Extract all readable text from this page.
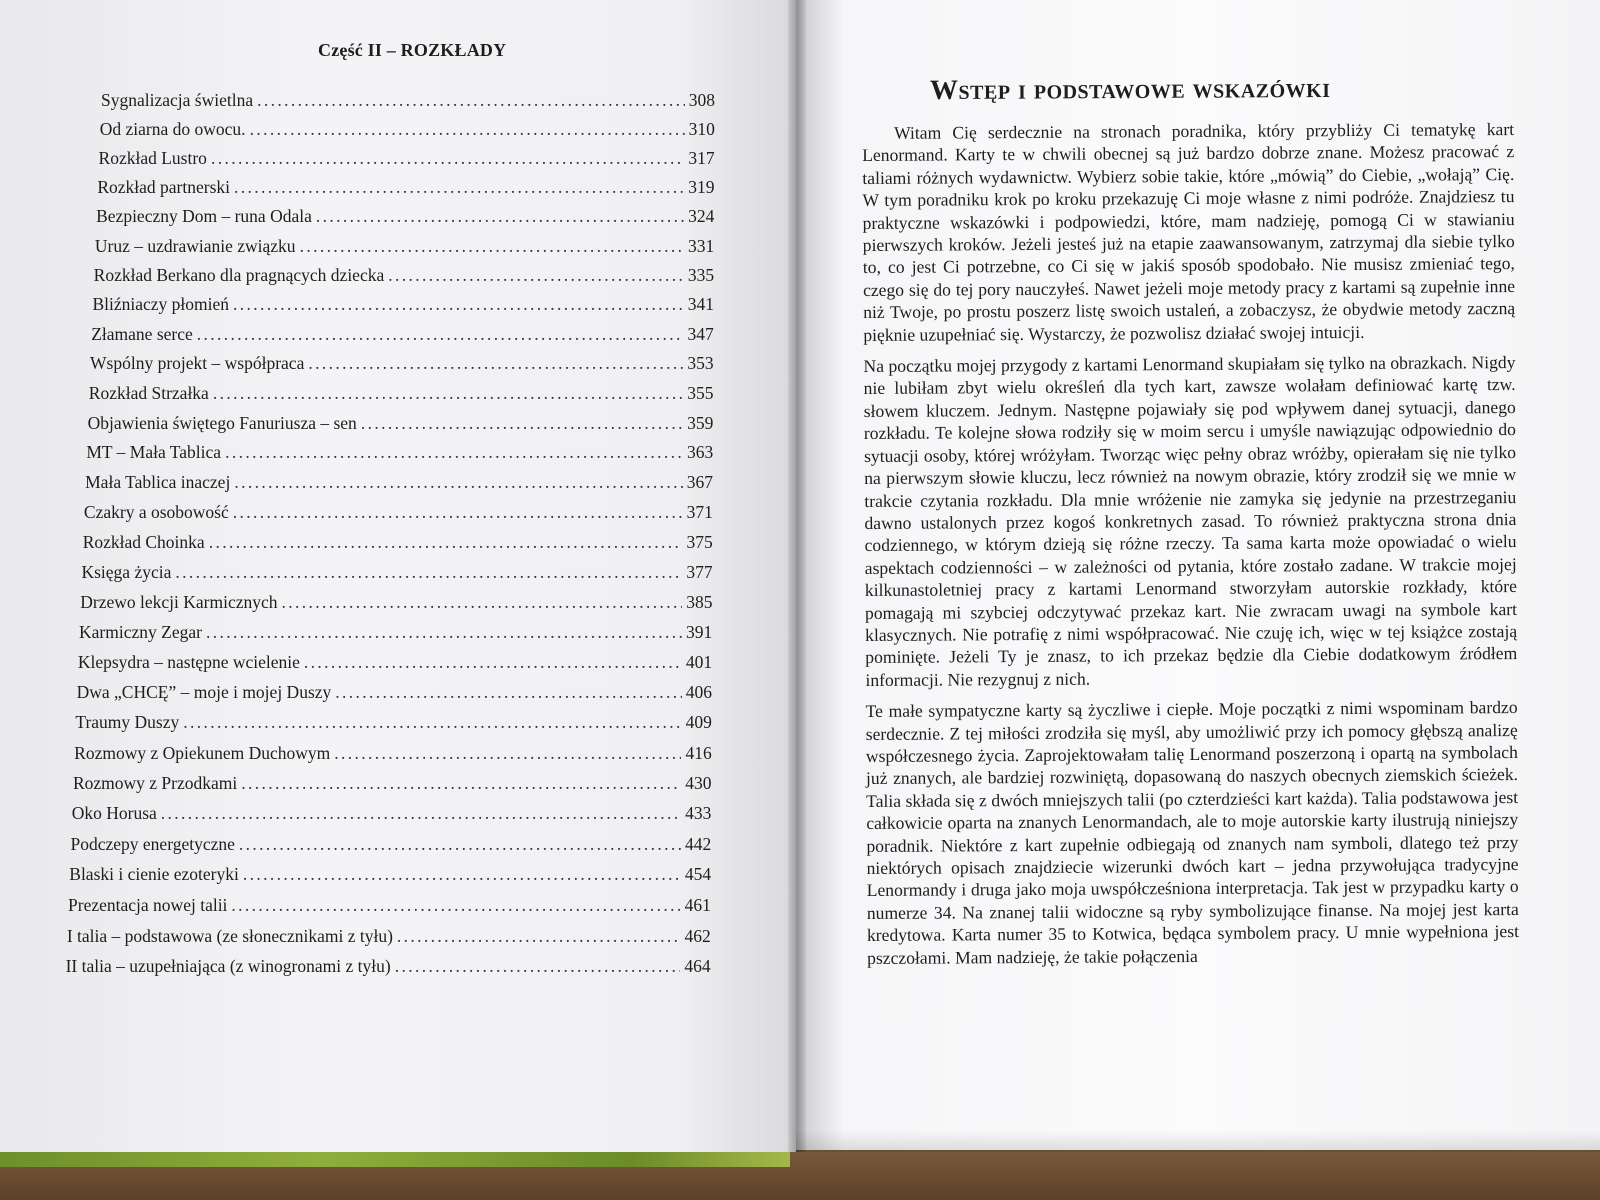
Część II – ROZKŁADY
Sygnalizacja świetlna . . .	308
Od ziarna do owocu. . . .	310
Rozkład Lustro . . .	317
Rozkład partnerski . . .	319
Bezpieczny Dom – runa Odala . . .	324
Uruz – uzdrawianie związku . . .	331
Rozkład Berkano dla pragnących dziecka . . .	335
Bliźniaczy płomień . . .	341
Złamane serce . . .	347
Wspólny projekt – współpraca . . .	353
Rozkład Strzałka . . .	355
Objawienia świętego Fanuriusza – sen . . .	359
MT – Mała Tablica . . .	363
Mała Tablica inaczej . . .	367
Czakry a osobowość . . .	371
Rozkład Choinka . . .	375
Księga życia . . .	377
Drzewo lekcji Karmicznych . . .	385
Karmiczny Zegar . . .	391
Klepsydra – następne wcielenie . . .	401
Dwa „CHCĘ” – moje i mojej Duszy . . .	406
Traumy Duszy . . .	409
Rozmowy z Opiekunem Duchowym . . .	416
Rozmowy z Przodkami . . .	430
Oko Horusa . . .	433
Podczepy energetyczne . . .	442
Blaski i cienie ezoteryki . . .	454
Prezentacja nowej talii . . .	461
I talia – podstawowa (ze słonecznikami z tyłu) . . .	462
II talia – uzupełniająca (z winogronami z tyłu) . . .	464
Wstęp i podstawowe wskazówki

Witam Cię serdecznie na stronach poradnika, który przybliży Ci tematykę kart Lenormand. Karty te w chwili obecnej są już bardzo dobrze znane. Możesz pracować z taliami różnych wydawnictw. Wybierz sobie takie, które „mówią” do Ciebie, „wołają” Cię. W tym poradniku krok po kroku przekazuję Ci moje własne z nimi podróże. Znajdziesz tu praktyczne wskazówki i podpowiedzi, które, mam nadzieję, pomogą Ci w stawianiu pierwszych kroków. Jeżeli jesteś już na etapie zaawansowanym, zatrzymaj dla siebie tylko to, co jest Ci potrzebne, co Ci się w jakiś sposób spodobało. Nie musisz zmieniać tego, czego się do tej pory nauczyłeś. Nawet jeżeli moje metody pracy z kartami są zupełnie inne niż Twoje, po prostu poszerz listę swoich ustaleń, a zobaczysz, że obydwie metody zaczną pięknie uzupełniać się. Wystarczy, że pozwolisz działać swojej intuicji.

Na początku mojej przygody z kartami Lenormand skupiałam się tylko na obrazkach. Nigdy nie lubiłam zbyt wielu określeń dla tych kart, zawsze wolałam definiować kartę tzw. słowem kluczem. Jednym. Następne pojawiały się pod wpływem danej sytuacji, danego rozkładu. Te kolejne słowa rodziły się w moim sercu i umyśle nawiązując odpowiednio do sytuacji osoby, której wróżyłam. Tworząc więc pełny obraz wróżby, opierałam się nie tylko na pierwszym słowie kluczu, lecz również na nowym obrazie, który zrodził się we mnie w trakcie czytania rozkładu. Dla mnie wróżenie nie zamyka się jedynie na przestrzeganiu dawno ustalonych przez kogoś konkretnych zasad. To również praktyczna strona dnia codziennego, w którym dzieją się różne rzeczy. Ta sama karta może opowiadać o wielu aspektach codzienności – w zależności od pytania, które zostało zadane. W trakcie mojej kilkunastoletniej pracy z kartami Lenormand stworzyłam autorskie rozkłady, które pomagają mi szybciej odczytywać przekaz kart. Nie zwracam uwagi na symbole kart klasycznych. Nie potrafię z nimi współpracować. Nie czuję ich, więc w tej książce zostają pominięte. Jeżeli Ty je znasz, to ich przekaz będzie dla Ciebie dodatkowym źródłem informacji. Nie rezygnuj z nich.

Te małe sympatyczne karty są życzliwe i ciepłe. Moje początki z nimi wspominam bardzo serdecznie. Z tej miłości zrodziła się myśl, aby umożliwić przy ich pomocy głębszą analizę współczesnego życia. Zaprojektowałam talię Lenormand poszerzoną i opartą na symbolach już znanych, ale bardziej rozwiniętą, dopasowaną do naszych obecnych ziemskich ścieżek. Talia składa się z dwóch mniejszych talii (po czterdzieści kart każda). Talia podstawowa jest całkowicie oparta na znanych Lenormandach, ale to moje autorskie karty ilustrują niniejszy poradnik. Niektóre z kart zupełnie odbiegają od znanych nam symboli, dlatego też przy niektórych opisach znajdziecie wizerunki dwóch kart – jedna przywołująca tradycyjne Lenormandy i druga jako moja uwspółcześniona interpretacja. Tak jest w przypadku karty o numerze 34. Na znanej talii widoczne są ryby symbolizujące finanse. Na mojej jest karta kredytowa. Karta numer 35 to Kotwica, będąca symbolem pracy. U mnie wypełniona jest pszczołami. Mam nadzieję, że takie połączenia
